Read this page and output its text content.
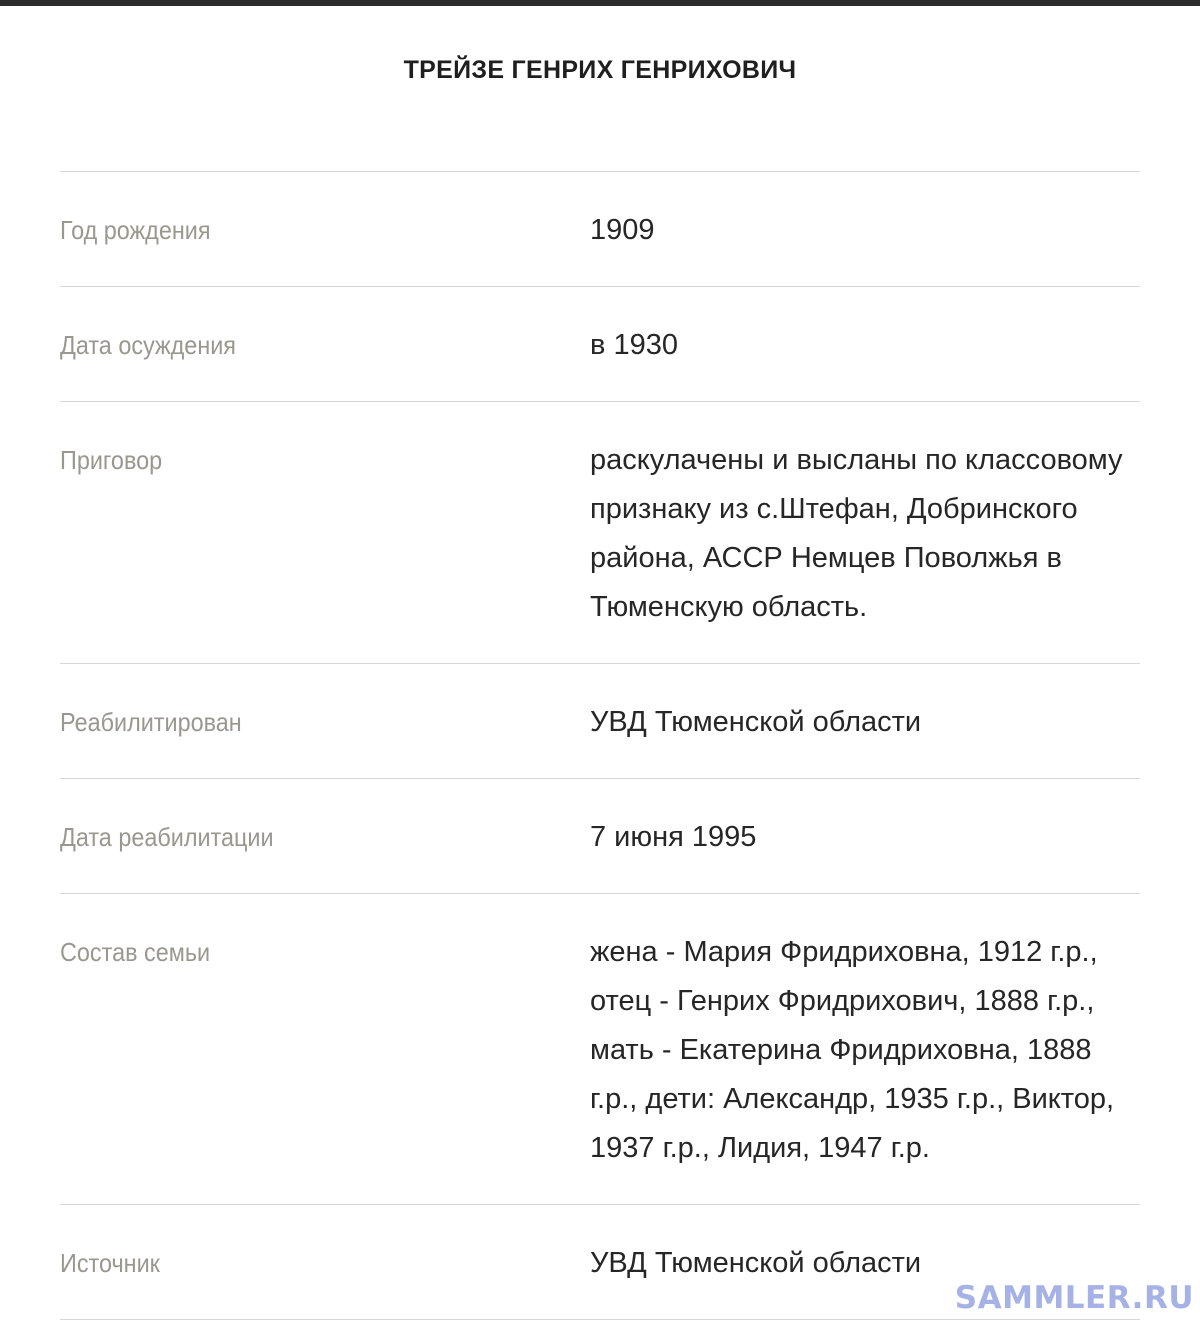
ТРЕЙЗЕ ГЕНРИХ ГЕНРИХОВИЧ
Год рождения	1909
Дата осуждения	в 1930
Приговор	раскулачены и высланы по классовому признаку из с.Штефан, Добринского района, АССР Немцев Поволжья в Тюменскую область.
Реабилитирован	УВД Тюменской области
Дата реабилитации	7 июня 1995
Состав семьи	жена - Мария Фридриховна, 1912 г.р., отец - Генрих Фридрихович, 1888 г.р., мать - Екатерина Фридриховна, 1888 г.р., дети: Александр, 1935 г.р., Виктор, 1937 г.р., Лидия, 1947 г.р.
Источник	УВД Тюменской области
SAMMLER.RU
